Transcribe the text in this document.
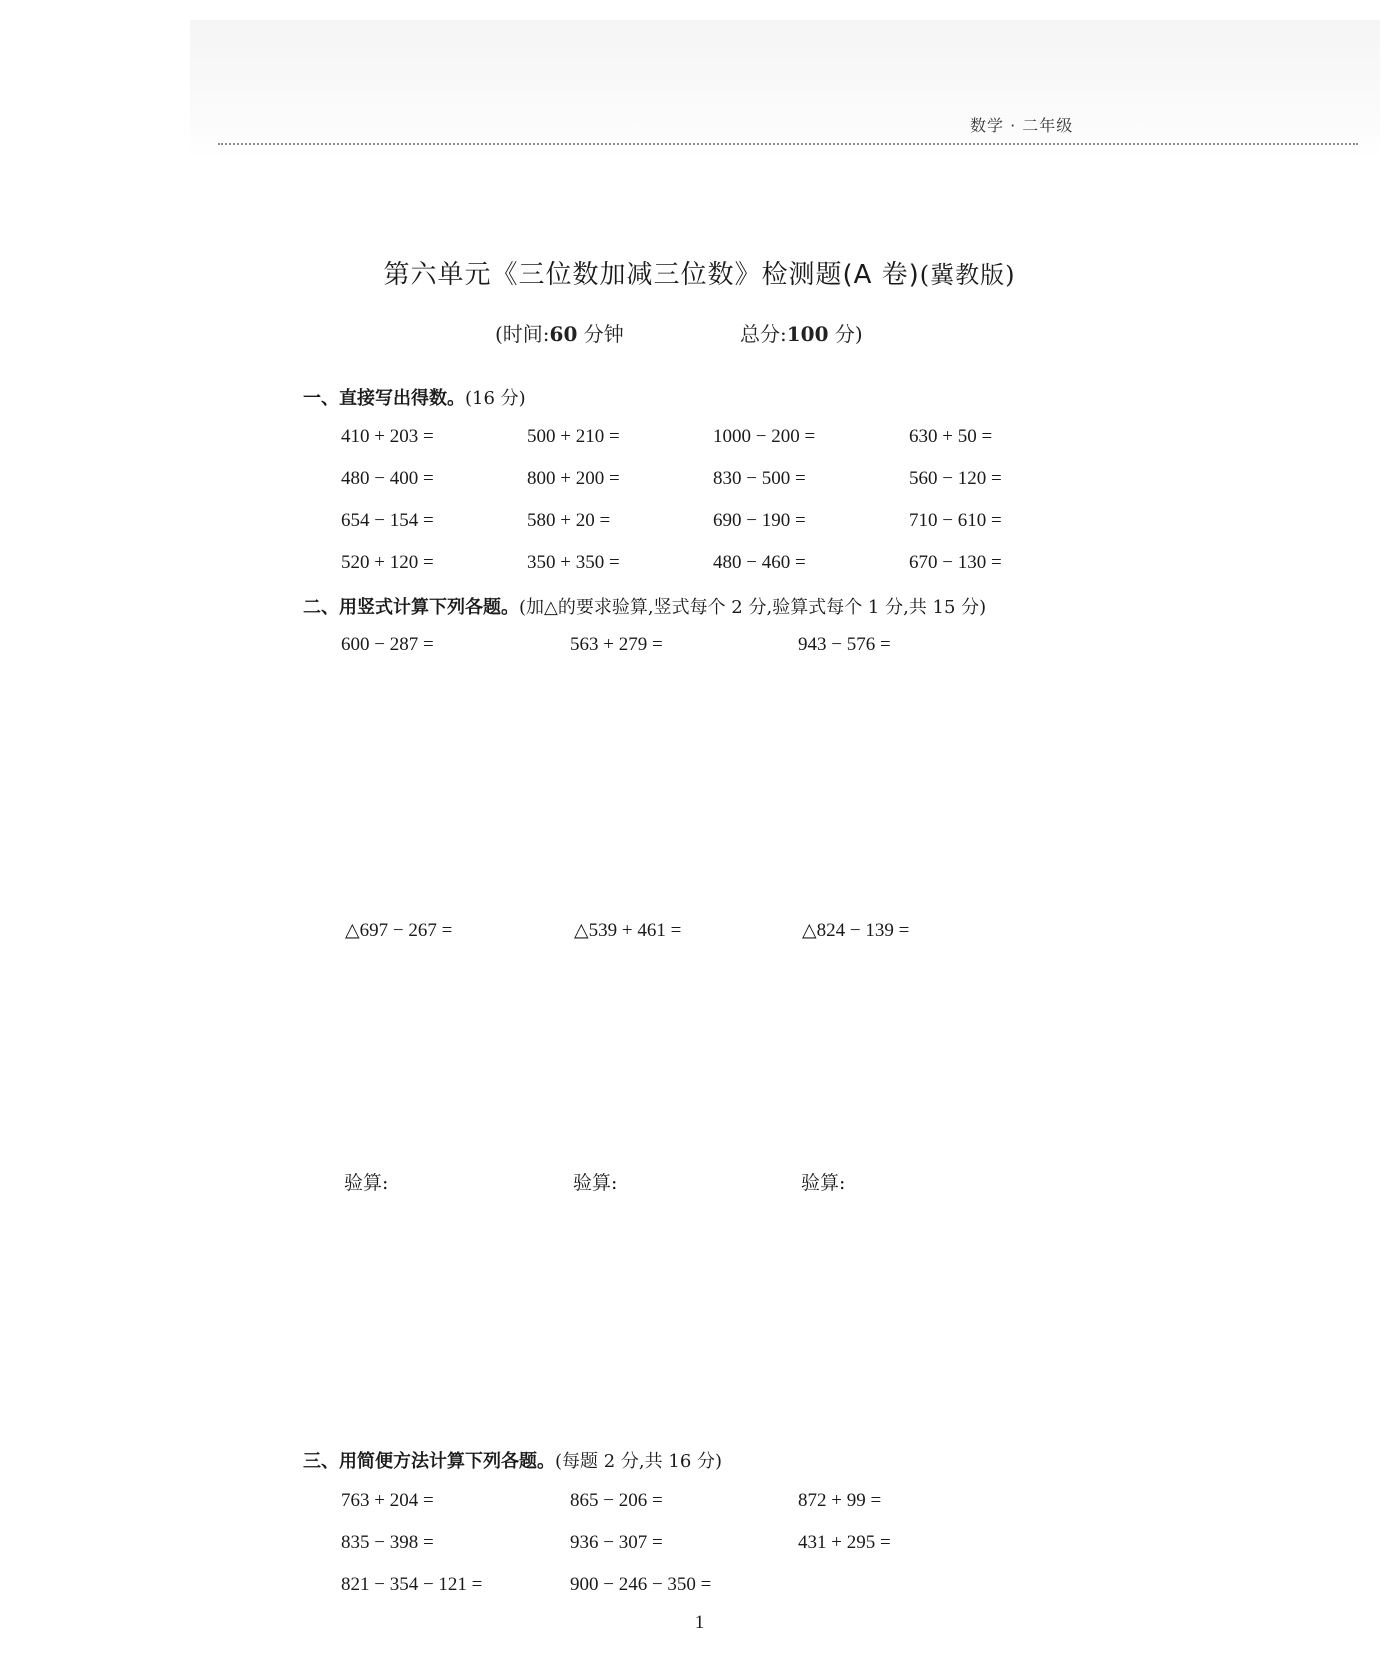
数学 · 二年级
第六单元《三位数加减三位数》检测题(A 卷)(冀教版)
(时间:60 分钟	总分:100 分)
一、直接写出得数。(16 分)
410 + 203 =	500 + 210 =	1000 − 200 =	630 + 50 =
480 − 400 =	800 + 200 =	830 − 500 =	560 − 120 =
654 − 154 =	580 + 20 =	690 − 190 =	710 − 610 =
520 + 120 =	350 + 350 =	480 − 460 =	670 − 130 =
二、用竖式计算下列各题。(加△的要求验算,竖式每个 2 分,验算式每个 1 分,共 15 分)
600 − 287 =	563 + 279 =	943 − 576 =
△697 − 267 =	△539 + 461 =	△824 − 139 =
验算:	验算:	验算:
三、用简便方法计算下列各题。(每题 2 分,共 16 分)
763 + 204 =	865 − 206 =	872 + 99 =
835 − 398 =	936 − 307 =	431 + 295 =
821 − 354 − 121 =	900 − 246 − 350 =
1
